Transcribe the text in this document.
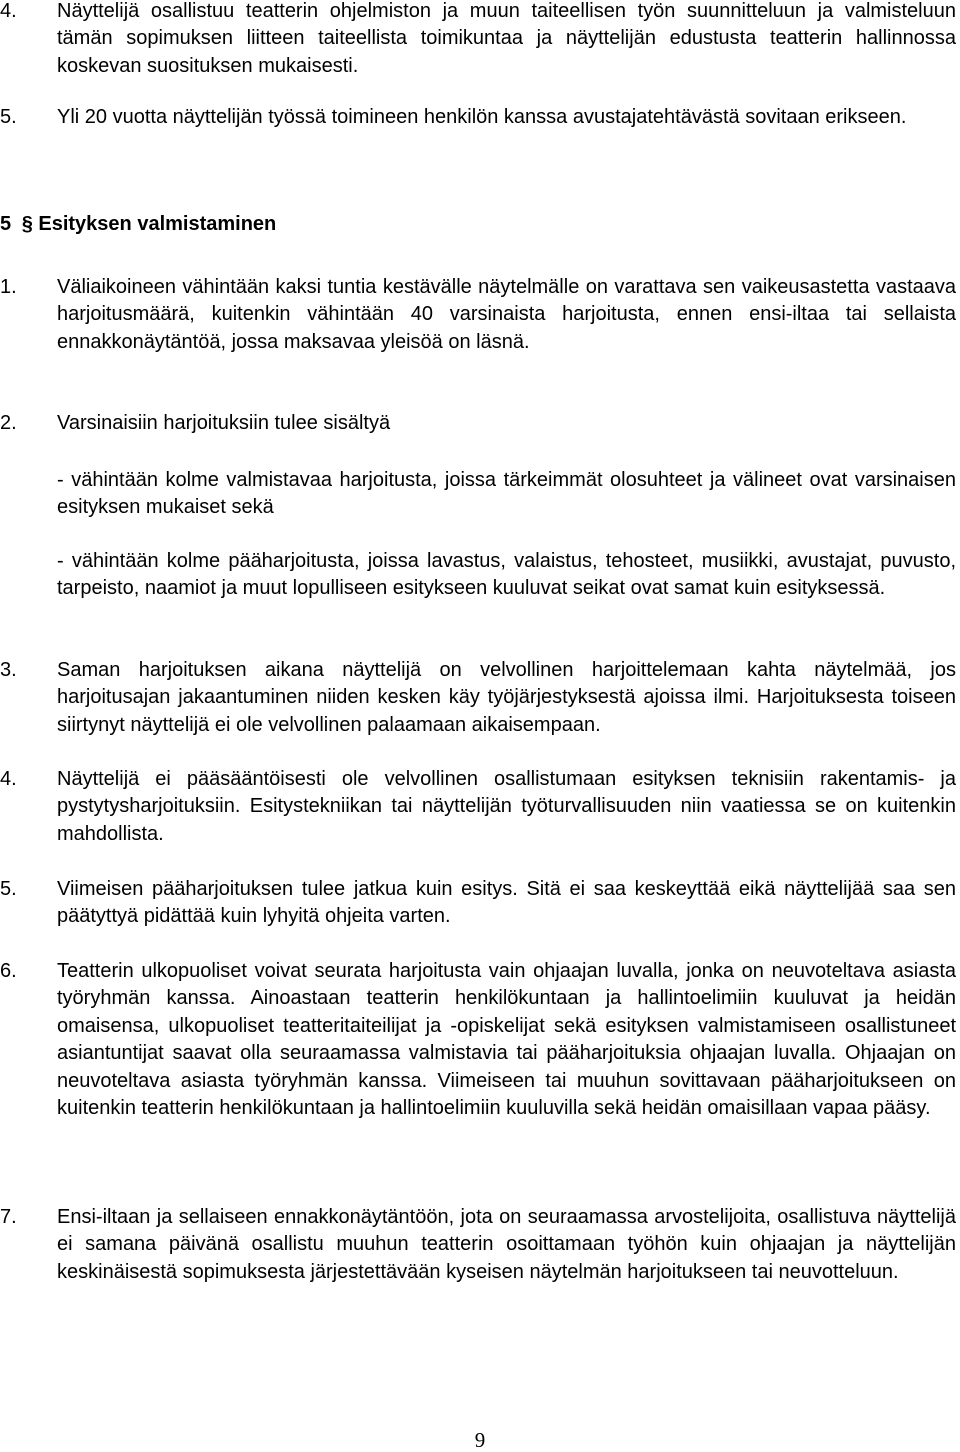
4. Näyttelijä osallistuu teatterin ohjelmiston ja muun taiteellisen työn suunnitteluun ja valmisteluun tämän sopimuksen liitteen taiteellista toimikuntaa ja näyttelijän edustusta teatterin hallinnossa koskevan suosituksen mukaisesti.
5. Yli 20 vuotta näyttelijän työssä toimineen henkilön kanssa avustajatehtävästä sovitaan erikseen.
5 § Esityksen valmistaminen
1. Väliaikoineen vähintään kaksi tuntia kestävälle näytelmälle on varattava sen vaikeusastetta vastaava harjoitusmäärä, kuitenkin vähintään 40 varsinaista harjoitusta, ennen ensi-iltaa tai sellaista ennakkonäytäntöä, jossa maksavaa yleisöä on läsnä.
2. Varsinaisiin harjoituksiin tulee sisältyä
- vähintään kolme valmistavaa harjoitusta, joissa tärkeimmät olosuhteet ja välineet ovat varsinaisen esityksen mukaiset sekä
- vähintään kolme pääharjoitusta, joissa lavastus, valaistus, tehosteet, musiikki, avustajat, puvusto, tarpeisto, naamiot ja muut lopulliseen esitykseen kuuluvat seikat ovat samat kuin esityksessä.
3. Saman harjoituksen aikana näyttelijä on velvollinen harjoittelemaan kahta näytelmää, jos harjoitusajan jakaantuminen niiden kesken käy työjärjestyksestä ajoissa ilmi. Harjoituksesta toiseen siirtynyt näyttelijä ei ole velvollinen palaamaan aikaisempaan.
4. Näyttelijä ei pääsääntöisesti ole velvollinen osallistumaan esityksen teknisiin rakentamis- ja pystytysharjoituksiin. Esitystekniikan tai näyttelijän työturvallisuuden niin vaatiessa se on kuitenkin mahdollista.
5. Viimeisen pääharjoituksen tulee jatkua kuin esitys. Sitä ei saa keskeyttää eikä näyttelijää saa sen päätyttyä pidättää kuin lyhyitä ohjeita varten.
6. Teatterin ulkopuoliset voivat seurata harjoitusta vain ohjaajan luvalla, jonka on neuvoteltava asiasta työryhmän kanssa. Ainoastaan teatterin henkilökuntaan ja hallintoelimiin kuuluvat ja heidän omaisensa, ulkopuoliset teatteritaiteilijat ja -opiskelijat sekä esityksen valmistamiseen osallistuneet asiantuntijat saavat olla seuraamassa valmistavia tai pääharjoituksia ohjaajan luvalla. Ohjaajan on neuvoteltava asiasta työryhmän kanssa. Viimeiseen tai muuhun sovittavaan pääharjoitukseen on kuitenkin teatterin henkilökuntaan ja hallintoelimiin kuuluvilla sekä heidän omaisillaan vapaa pääsy.
7. Ensi-iltaan ja sellaiseen ennakkonäytäntöön, jota on seuraamassa arvostelijoita, osallistuva näyttelijä ei samana päivänä osallistu muuhun teatterin osoittamaan työhön kuin ohjaajan ja näyttelijän keskinäisestä sopimuksesta järjestettävään kyseisen näytelmän harjoitukseen tai neuvotteluun.
9
